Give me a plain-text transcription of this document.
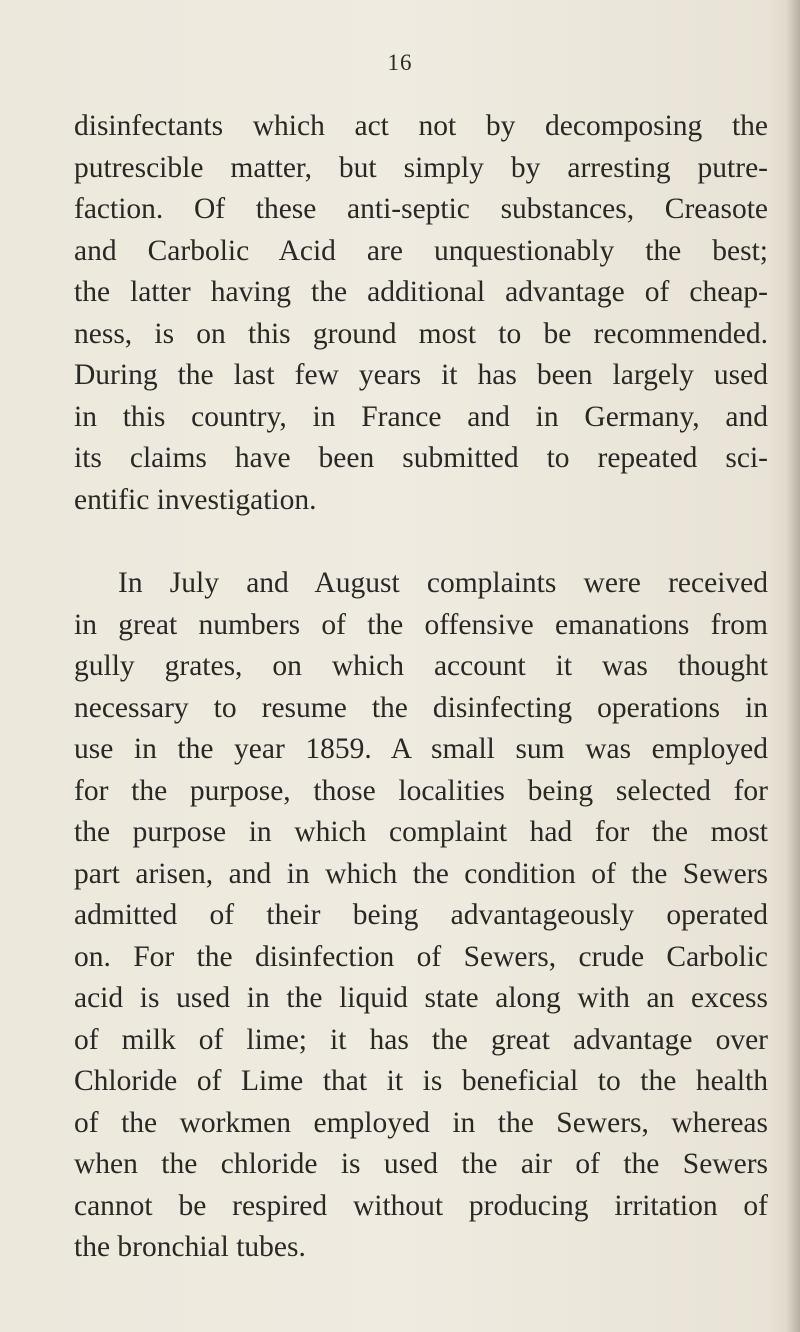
16

disinfectants which act not by decomposing the
putrescible matter, but simply by arresting putre-
faction. Of these anti-septic substances, Creasote
and Carbolic Acid are unquestionably the best;
the latter having the additional advantage of cheap-
ness, is on this ground most to be recommended.
During the last few years it has been largely used
in this country, in France and in Germany, and
its claims have been submitted to repeated sci-
entific investigation.

In July and August complaints were received
in great numbers of the offensive emanations from
gully grates, on which account it was thought
necessary to resume the disinfecting operations in
use in the year 1859. A small sum was employed
for the purpose, those localities being selected for
the purpose in which complaint had for the most
part arisen, and in which the condition of the Sewers
admitted of their being advantageously operated
on. For the disinfection of Sewers, crude Carbolic
acid is used in the liquid state along with an excess
of milk of lime; it has the great advantage over
Chloride of Lime that it is beneficial to the health
of the workmen employed in the Sewers, whereas
when the chloride is used the air of the Sewers
cannot be respired without producing irritation of
the bronchial tubes.
